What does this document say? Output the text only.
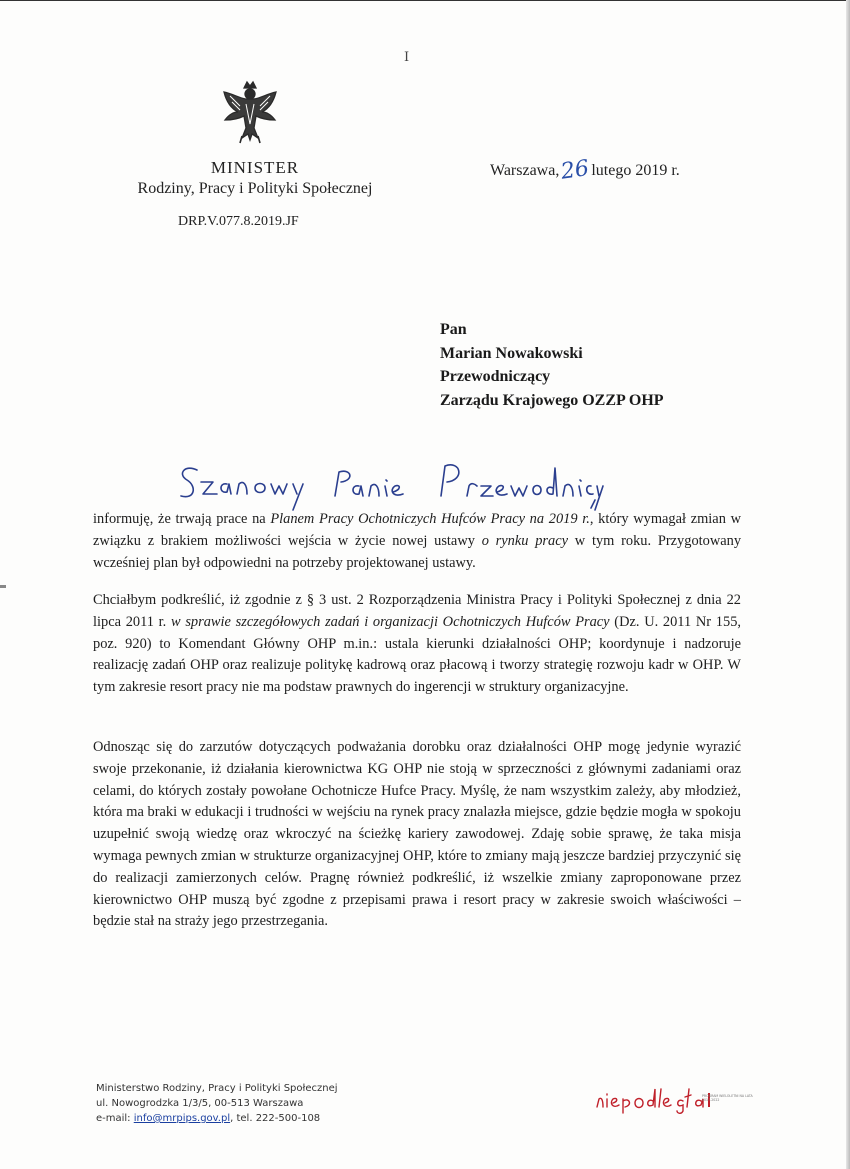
I
MINISTER
Rodziny, Pracy i Polityki Społecznej
DRP.V.077.8.2019.JF
Warszawa,26lutego 2019 r.
Pan
Marian Nowakowski
Przewodniczący
Zarządu Krajowego OZZP OHP

informuję, że trwają prace na Planem Pracy Ochotniczych Hufców Pracy na 2019 r., który wymagał zmian w związku z brakiem możliwości wejścia w życie nowej ustawy o rynku pracy w tym roku. Przygotowany wcześniej plan był odpowiedni na potrzeby projektowanej ustawy.

Chciałbym podkreślić, iż zgodnie z § 3 ust. 2 Rozporządzenia Ministra Pracy i Polityki Społecznej z dnia 22 lipca 2011 r. w sprawie szczegółowych zadań i organizacji Ochotniczych Hufców Pracy (Dz. U. 2011 Nr 155, poz. 920) to Komendant Główny OHP m.in.: ustala kierunki działalności OHP; koordynuje i nadzoruje realizację zadań OHP oraz realizuje politykę kadrową oraz płacową i tworzy strategię rozwoju kadr w OHP. W tym zakresie resort pracy nie ma podstaw prawnych do ingerencji w struktury organizacyjne.

Odnosząc się do zarzutów dotyczących podważania dorobku oraz działalności OHP mogę jedynie wyrazić swoje przekonanie, iż działania kierownictwa KG OHP nie stoją w sprzeczności z głównymi zadaniami oraz celami, do których zostały powołane Ochotnicze Hufce Pracy. Myślę, że nam wszystkim zależy, aby młodzież, która ma braki w edukacji i trudności w wejściu na rynek pracy znalazła miejsce, gdzie będzie mogła w spokoju uzupełnić swoją wiedzę oraz wkroczyć na ścieżkę kariery zawodowej. Zdaję sobie sprawę, że taka misja wymaga pewnych zmian w strukturze organizacyjnej OHP, które to zmiany mają jeszcze bardziej przyczynić się do realizacji zamierzonych celów. Pragnę również podkreślić, iż wszelkie zmiany zaproponowane przez kierownictwo OHP muszą być zgodne z przepisami prawa i resort pracy w zakresie swoich właściwości – będzie stał na straży jego przestrzegania.

Ministerstwo Rodziny, Pracy i Polityki Społecznej
ul. Nowogrodzka 1/3/5, 00-513 Warszawa
e-mail: info@mrpips.gov.pl, tel. 222-500-108
PROGRAM WIELOLETNI NA LATA 2017-2022
